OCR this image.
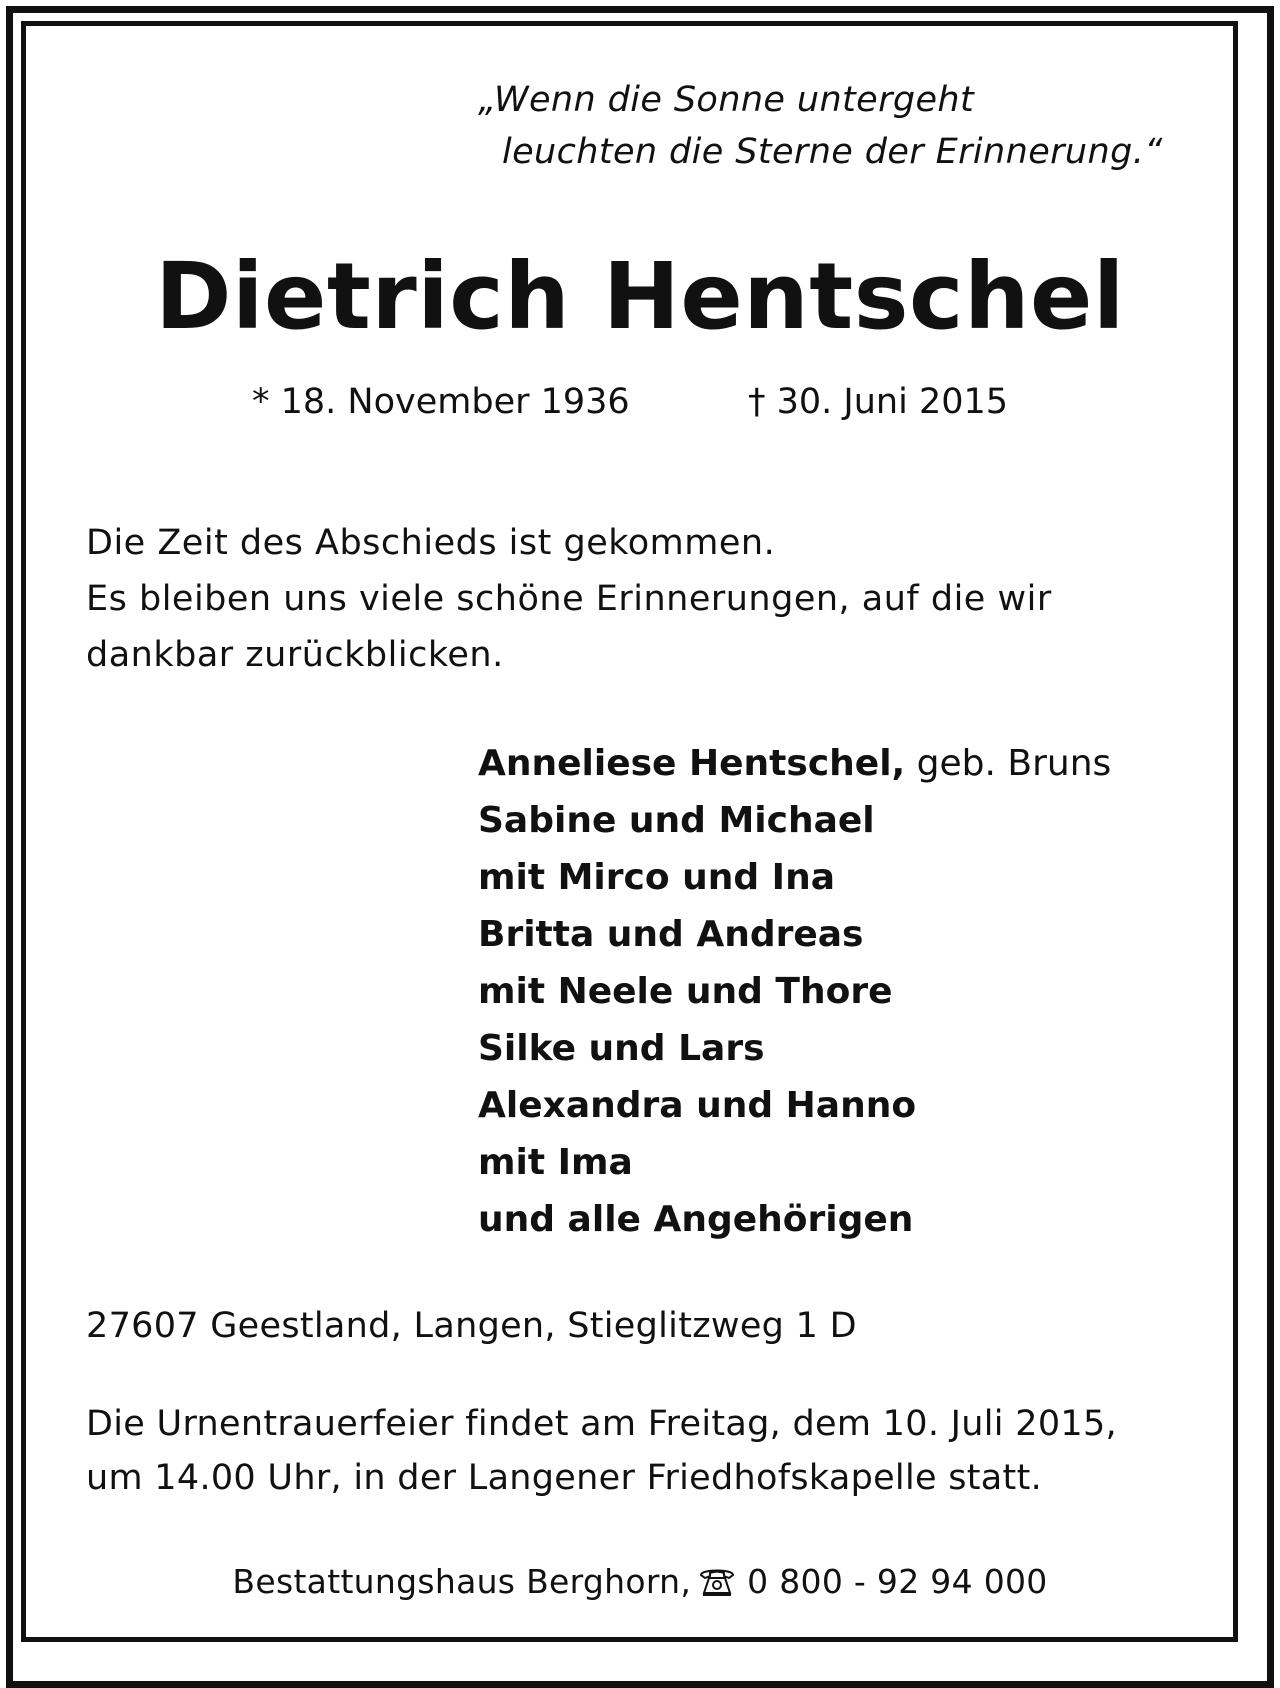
„Wenn die Sonne untergeht
leuchten die Sterne der Erinnerung.“
Dietrich Hentschel
* 18. November 1936	† 30. Juni 2015
Die Zeit des Abschieds ist gekommen.
Es bleiben uns viele schöne Erinnerungen, auf die wir
dankbar zurückblicken.
Anneliese Hentschel, geb. Bruns
Sabine und Michael
mit Mirco und Ina
Britta und Andreas
mit Neele und Thore
Silke und Lars
Alexandra und Hanno
mit Ima
und alle Angehörigen
27607 Geestland, Langen, Stieglitzweg 1 D
Die Urnentrauerfeier findet am Freitag, dem 10. Juli 2015,
um 14.00 Uhr, in der Langener Friedhofskapelle statt.
Bestattungshaus Berghorn, 0 800 - 92 94 000
